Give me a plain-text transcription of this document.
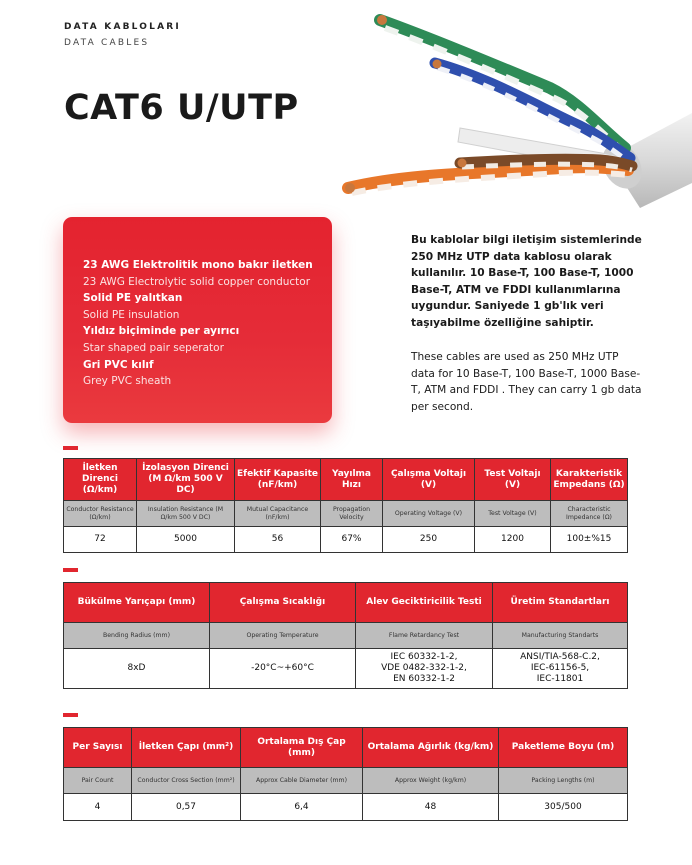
DATA KABLOLARI
DATA CABLES
CAT6 U/UTP
23 AWG Elektrolitik mono bakır iletken
23 AWG Electrolytic solid copper conductor
Solid PE yalıtkan
Solid PE insulation
Yıldız biçiminde per ayırıcı
Star shaped pair seperator
Gri PVC kılıf
Grey PVC sheath
Bu kablolar bilgi iletişim sistemlerinde 250 MHz UTP data kablosu olarak kullanılır. 10 Base-T, 100 Base-T, 1000 Base-T, ATM ve FDDI kullanımlarına uygundur. Saniyede 1 gb'lık veri taşıyabilme özelliğine sahiptir.
These cables are used as 250 MHz UTP data for 10 Base-T, 100 Base-T, 1000 Base-T, ATM and FDDI . They can carry 1 gb data per second.
İletken Direnci (Ω/km)	İzolasyon Direnci (M Ω/km 500 V DC)	Efektif Kapasite (nF/km)	Yayılma Hızı	Çalışma Voltajı (V)	Test Voltajı (V)	Karakteristik Empedans (Ω)
Conductor Resistance (Ω/km)	Insulation Resistance (M Ω/km 500 V DC)	Mutual Capacitance (nF/km)	Propagation Velocity	Operating Voltage (V)	Test Voltage (V)	Characteristic Impedance (Ω)
72	5000	56	67%	250	1200	100±%15
Bükülme Yarıçapı (mm)	Çalışma Sıcaklığı	Alev Geciktiricilik Testi	Üretim Standartları
Bending Radius (mm)	Operating Temperature	Flame Retardancy Test	Manufacturing Standarts
8xD	-20°C~+60°C	IEC 60332-1-2,
VDE 0482-332-1-2,
EN 60332-1-2	ANSI/TIA-568-C.2,
IEC-61156-5,
IEC-11801
Per Sayısı	İletken Çapı (mm²)	Ortalama Dış Çap (mm)	Ortalama Ağırlık (kg/km)	Paketleme Boyu (m)
Pair Count	Conductor Cross Section (mm²)	Approx Cable Diameter (mm)	Approx Weight (kg/km)	Packing Lengths (m)
4	0,57	6,4	48	305/500
